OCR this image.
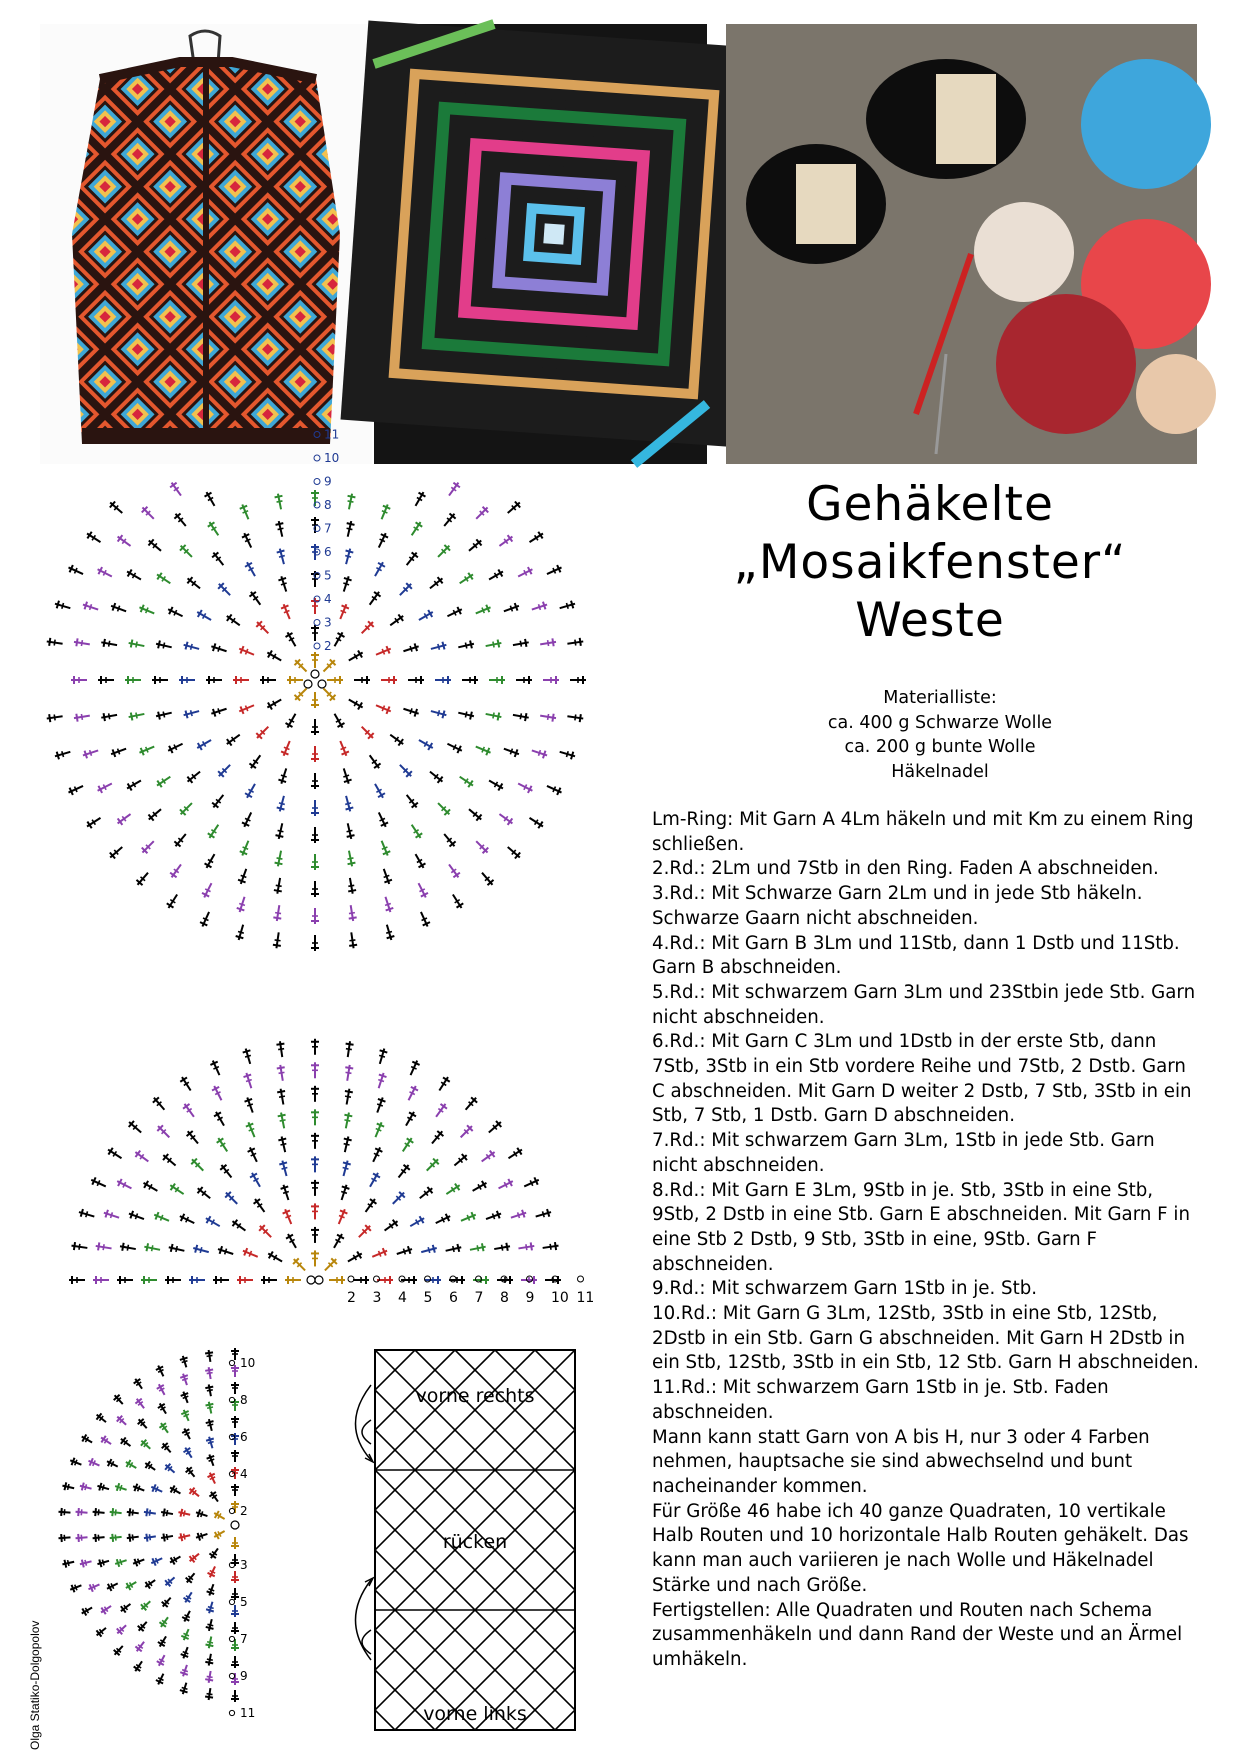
Gehäkelte
„Mosaikfenster“
Weste
Materialliste:
ca. 400 g Schwarze Wolle
ca. 200 g bunte Wolle
Häkelnadel

Lm-Ring: Mit Garn A 4Lm häkeln und mit Km zu einem Ring schließen.

2.Rd.: 2Lm und 7Stb in den Ring. Faden A abschneiden.

3.Rd.: Mit Schwarze Garn 2Lm und in jede Stb häkeln. Schwarze Gaarn nicht abschneiden.

4.Rd.: Mit Garn B 3Lm und 11Stb, dann 1 Dstb und 11Stb. Garn B abschneiden.

5.Rd.: Mit schwarzem Garn 3Lm und 23Stbin jede Stb. Garn nicht abschneiden.

6.Rd.: Mit Garn C 3Lm und 1Dstb in der erste Stb, dann 7Stb, 3Stb in ein Stb vordere Reihe und 7Stb, 2 Dstb. Garn C abschneiden. Mit Garn D weiter 2 Dstb, 7 Stb, 3Stb in ein Stb, 7 Stb, 1 Dstb. Garn D abschneiden.

7.Rd.: Mit schwarzem Garn 3Lm, 1Stb in jede Stb. Garn nicht abschneiden.

8.Rd.: Mit Garn E 3Lm, 9Stb in je. Stb, 3Stb in eine Stb, 9Stb, 2 Dstb in eine Stb. Garn E abschneiden. Mit Garn F in eine Stb 2 Dstb, 9 Stb, 3Stb in eine, 9Stb. Garn F abschneiden.

9.Rd.: Mit schwarzem Garn 1Stb in je. Stb.

10.Rd.: Mit Garn G 3Lm, 12Stb, 3Stb in eine Stb, 12Stb, 2Dstb in ein Stb. Garn G abschneiden. Mit Garn H 2Dstb in ein Stb, 12Stb, 3Stb in ein Stb, 12 Stb. Garn H abschneiden.

11.Rd.: Mit schwarzem Garn 1Stb in je. Stb. Faden abschneiden.

Mann kann statt Garn von A bis H, nur 3 oder 4 Farben nehmen, hauptsache sie sind abwechselnd und bunt nacheinander kommen.

Für Größe 46 habe ich 40 ganze Quadraten, 10 vertikale Halb Routen und 10 horizontale Halb Routen gehäkelt. Das kann man auch variieren je nach Wolle und Häkelnadel Stärke und nach Größe.

Fertigstellen: Alle Quadraten und Routen nach Schema zusammenhäkeln und dann Rand der Weste und an Ärmel umhäkeln.

2
3
4
5
6
7
8
9
10
11
2 3 4 5 6 7 8 9 10 11
10
8
6
4
2
3
5
7
9
11
vorne rechts
rücken
vorne links
Olga Statiko-Dolgopolov
